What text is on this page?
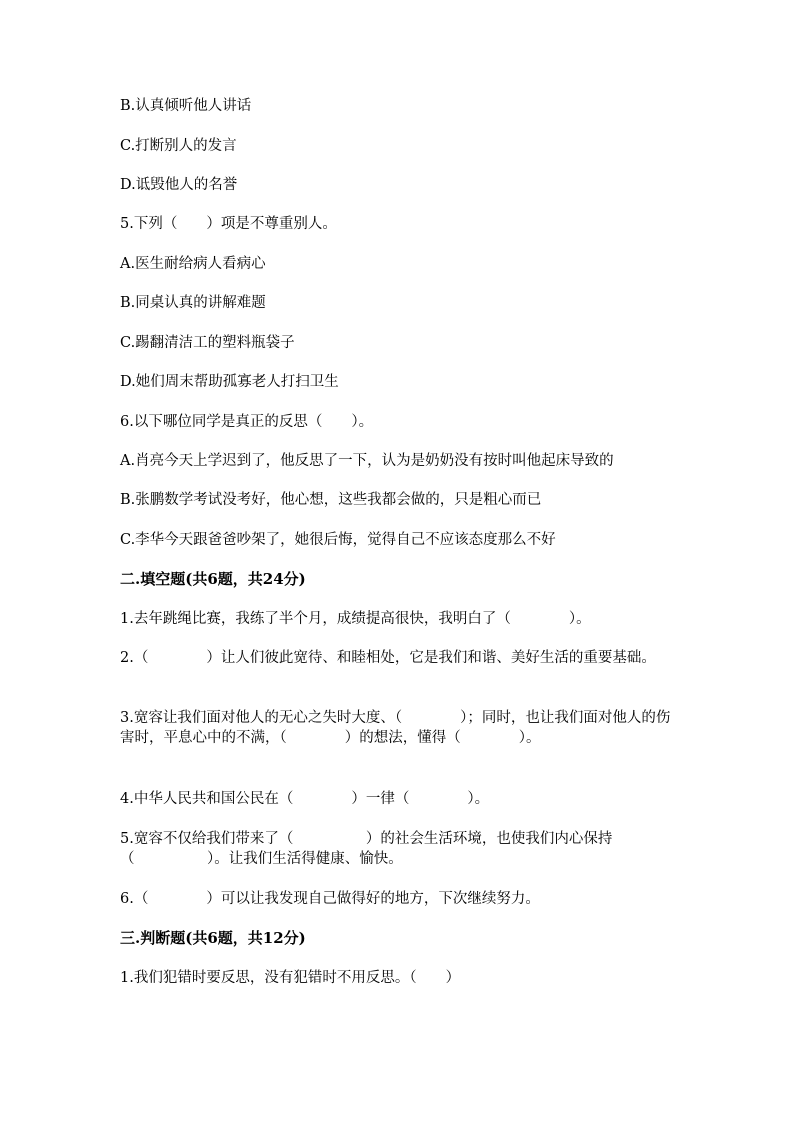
B.认真倾听他人讲话
C.打断别人的发言
D.诋毁他人的名誉
5.下列（　　）项是不尊重别人。
A.医生耐给病人看病心
B.同桌认真的讲解难题
C.踢翻清洁工的塑料瓶袋子
D.她们周末帮助孤寡老人打扫卫生
6.以下哪位同学是真正的反思（　　）。
A.肖亮今天上学迟到了，他反思了一下，认为是奶奶没有按时叫他起床导致的
B.张鹏数学考试没考好，他心想，这些我都会做的，只是粗心而已
C.李华今天跟爸爸吵架了，她很后悔，觉得自己不应该态度那么不好
二.填空题(共6题，共24分)
1.去年跳绳比赛，我练了半个月，成绩提高很快，我明白了（　　　　）。
2.（　　　　）让人们彼此宽待、和睦相处，它是我们和谐、美好生活的重要基础。
3.宽容让我们面对他人的无心之失时大度、（　　　　）；同时，也让我们面对他人的伤害时，平息心中的不满，（　　　　）的想法，懂得（　　　　）。
4.中华人民共和国公民在（　　　　）一律（　　　　）。
5.宽容不仅给我们带来了（　　　　　）的社会生活环境，也使我们内心保持（　　　　　）。让我们生活得健康、愉快。
6.（　　　　）可以让我发现自己做得好的地方，下次继续努力。
三.判断题(共6题，共12分)
1.我们犯错时要反思，没有犯错时不用反思。（　　）
